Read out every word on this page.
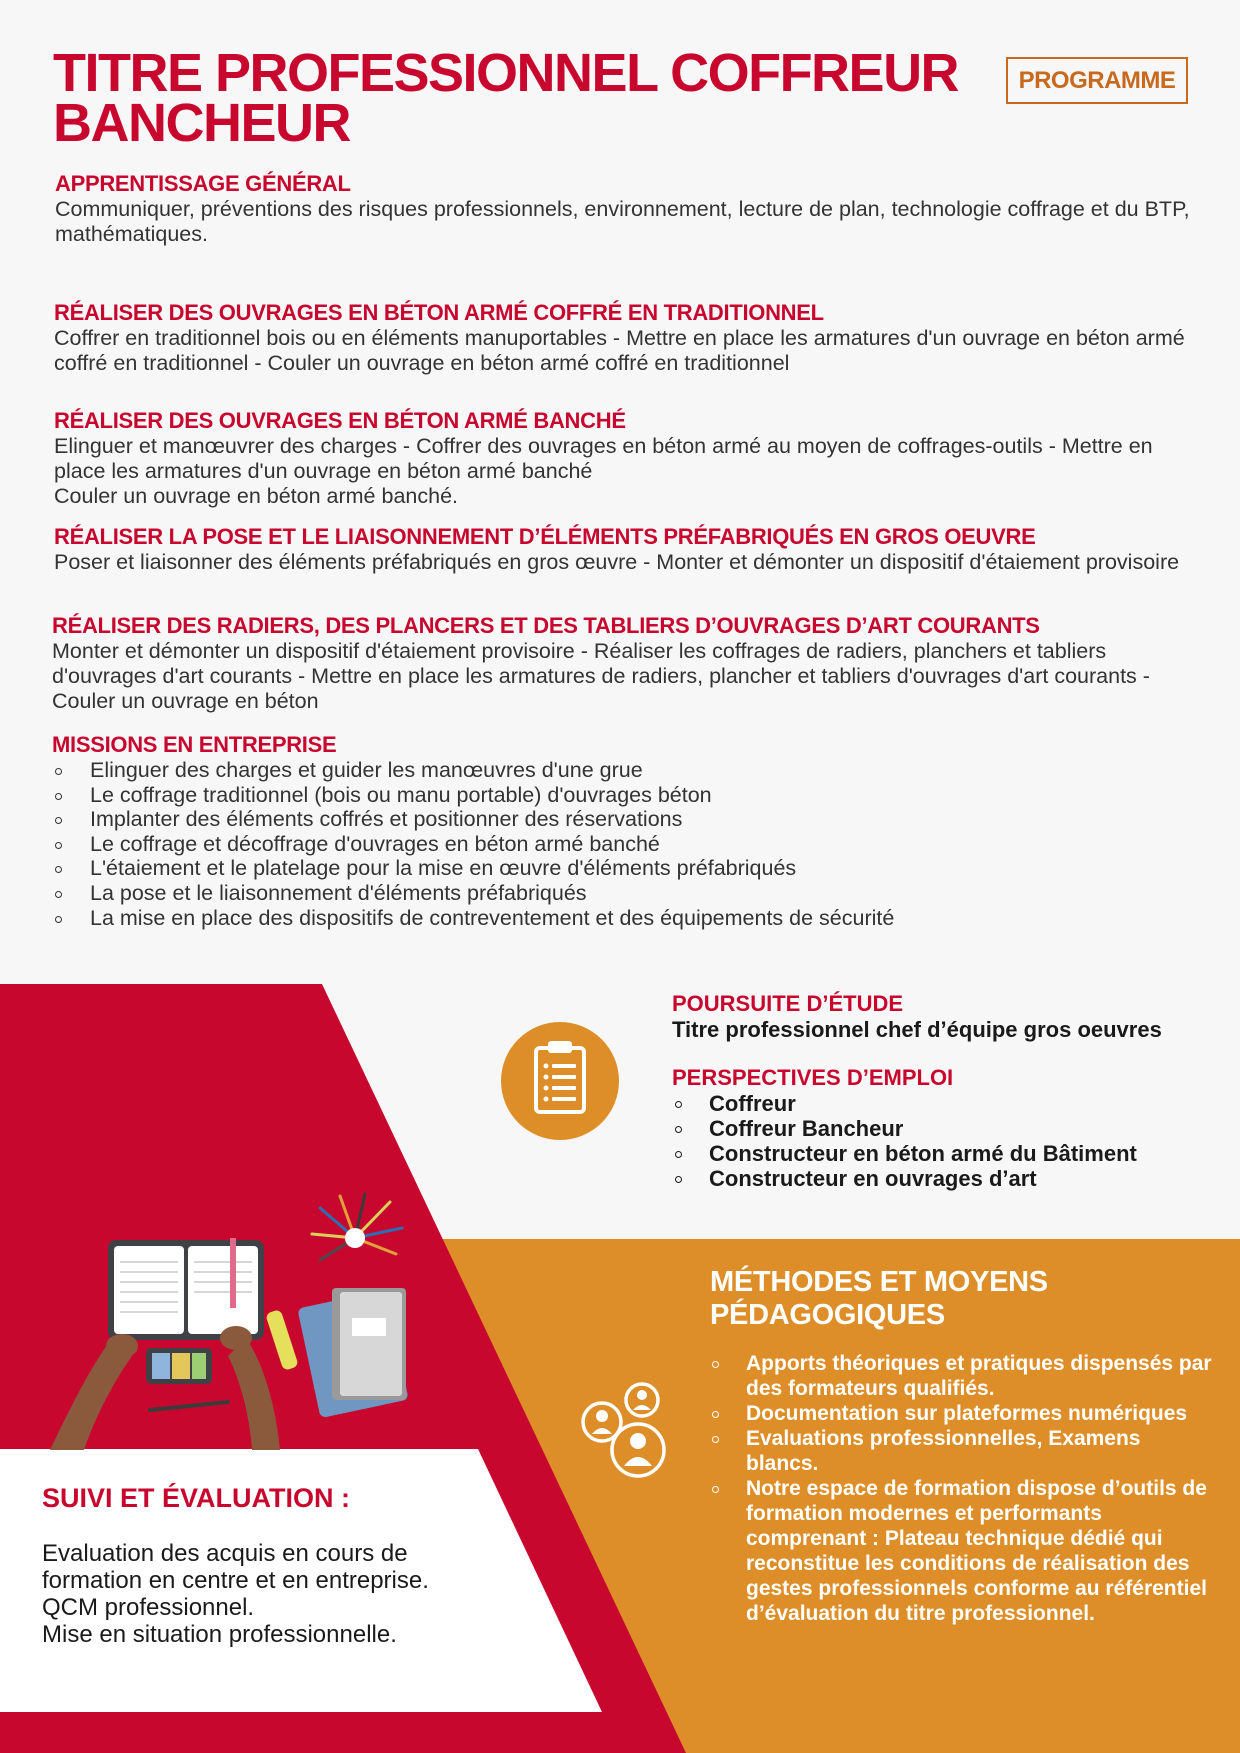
TITRE PROFESSIONNEL COFFREUR BANCHEUR
PROGRAMME
APPRENTISSAGE GÉNÉRAL

Communiquer, préventions des risques professionnels, environnement, lecture de plan, technologie coffrage et du BTP, mathématiques.

RÉALISER DES OUVRAGES EN BÉTON ARMÉ COFFRÉ EN TRADITIONNEL

Coffrer en traditionnel bois ou en éléments manuportables - Mettre en place les armatures d'un ouvrage en béton armé coffré en traditionnel - Couler un ouvrage en béton armé coffré en traditionnel

RÉALISER DES OUVRAGES EN BÉTON ARMÉ BANCHÉ

Elinguer et manœuvrer des charges - Coffrer des ouvrages en béton armé au moyen de coffrages-outils - Mettre en place les armatures d'un ouvrage en béton armé banché

Couler un ouvrage en béton armé banché.

RÉALISER LA POSE ET LE LIAISONNEMENT D’ÉLÉMENTS PRÉFABRIQUÉS EN GROS OEUVRE

Poser et liaisonner des éléments préfabriqués en gros œuvre - Monter et démonter un dispositif d'étaiement provisoire

RÉALISER DES RADIERS, DES PLANCERS ET DES TABLIERS D’OUVRAGES D’ART COURANTS

Monter et démonter un dispositif d'étaiement provisoire - Réaliser les coffrages de radiers, planchers et tabliers d'ouvrages d'art courants - Mettre en place les armatures de radiers, plancher et tabliers d'ouvrages d'art courants - Couler un ouvrage en béton

MISSIONS EN ENTREPRISE
Elinguer des charges et guider les manœuvres d'une grue
Le coffrage traditionnel (bois ou manu portable) d'ouvrages béton
Implanter des éléments coffrés et positionner des réservations
Le coffrage et décoffrage d'ouvrages en béton armé banché
L'étaiement et le platelage pour la mise en œuvre d'éléments préfabriqués
La pose et le liaisonnement d'éléments préfabriqués
La mise en place des dispositifs de contreventement et des équipements de sécurité
POURSUITE D’ÉTUDE

Titre professionnel chef d’équipe gros oeuvres

PERSPECTIVES D’EMPLOI
Coffreur
Coffreur Bancheur
Constructeur en béton armé du Bâtiment
Constructeur en ouvrages d’art
MÉTHODES ET MOYENS PÉDAGOGIQUES
Apports théoriques et pratiques dispensés par des formateurs qualifiés.
Documentation sur plateformes numériques
Evaluations professionnelles, Examens blancs.
Notre espace de formation dispose d’outils de formation modernes et performants comprenant : Plateau technique dédié qui reconstitue les conditions de réalisation des gestes professionnels conforme au référentiel d’évaluation du titre professionnel.
SUIVI ET ÉVALUATION :

Evaluation des acquis en cours de

formation en centre et en entreprise.

QCM professionnel.

Mise en situation professionnelle.
